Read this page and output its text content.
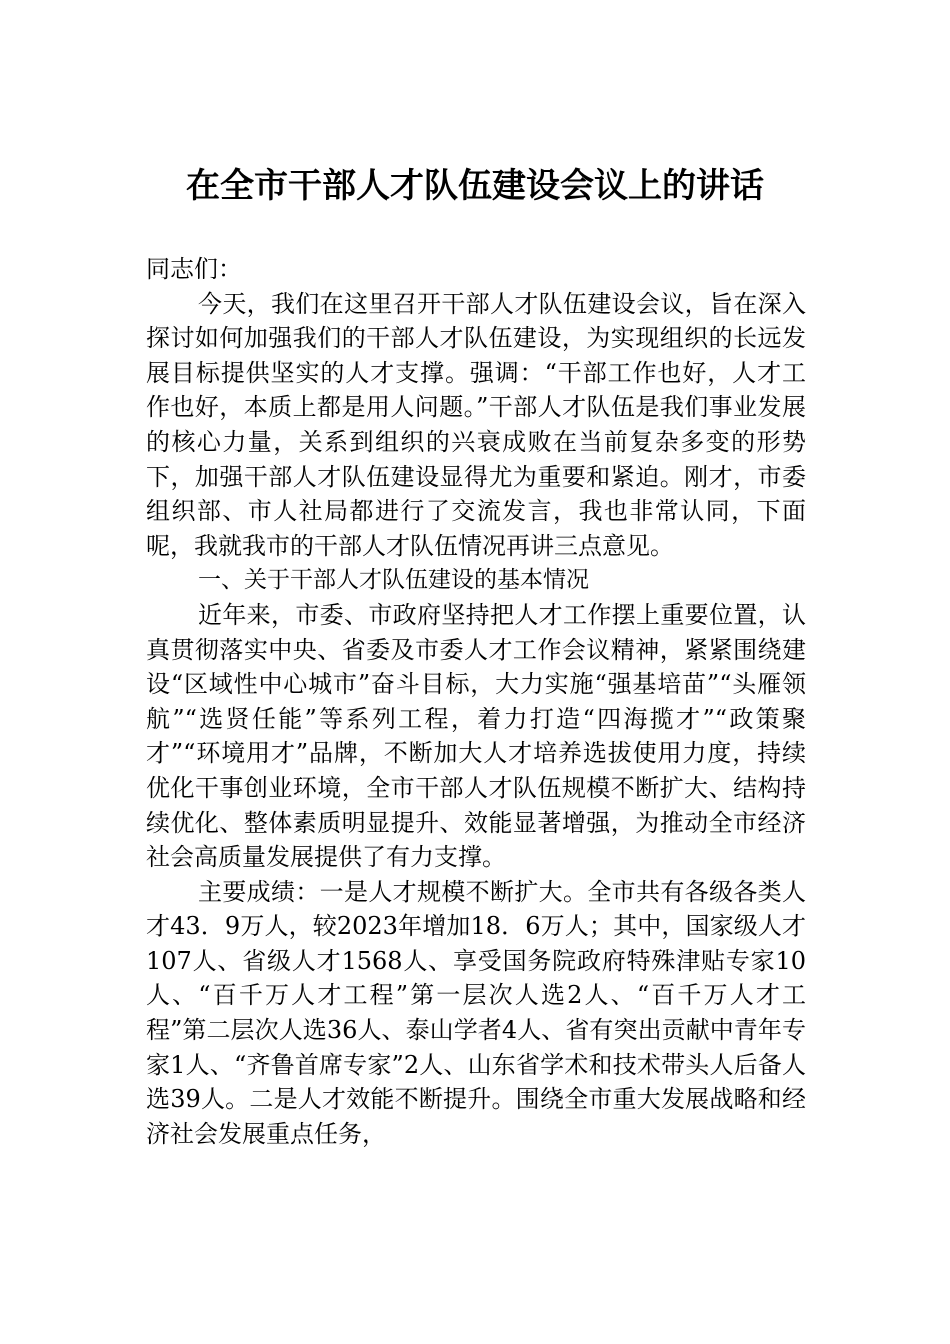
在全市干部人才队伍建设会议上的讲话

同志们：

今天，我们在这里召开干部人才队伍建设会议，旨在深入探讨如何加强我们的干部人才队伍建设，为实现组织的长远发展目标提供坚实的人才支撑。强调：“干部工作也好，人才工作也好，本质上都是用人问题。”干部人才队伍是我们事业发展的核心力量，关系到组织的兴衰成败在当前复杂多变的形势下，加强干部人才队伍建设显得尤为重要和紧迫。刚才，市委组织部、市人社局都进行了交流发言，我也非常认同，下面呢，我就我市的干部人才队伍情况再讲三点意见。

一、关于干部人才队伍建设的基本情况

近年来，市委、市政府坚持把人才工作摆上重要位置，认真贯彻落实中央、省委及市委人才工作会议精神，紧紧围绕建设“区域性中心城市”奋斗目标，大力实施“强基培苗”“头雁领航”“选贤任能”等系列工程，着力打造“四海揽才”“政策聚才”“环境用才”品牌，不断加大人才培养选拔使用力度，持续优化干事创业环境，全市干部人才队伍规模不断扩大、结构持续优化、整体素质明显提升、效能显著增强，为推动全市经济社会高质量发展提供了有力支撑。

主要成绩：一是人才规模不断扩大。全市共有各级各类人才43．9万人，较2023年增加18．6万人；其中，国家级人才107人、省级人才1568人、享受国务院政府特殊津贴专家10人、“百千万人才工程”第一层次人选2人、“百千万人才工程”第二层次人选36人、泰山学者4人、省有突出贡献中青年专家1人、“齐鲁首席专家”2人、山东省学术和技术带头人后备人选39人。二是人才效能不断提升。围绕全市重大发展战略和经济社会发展重点任务，
